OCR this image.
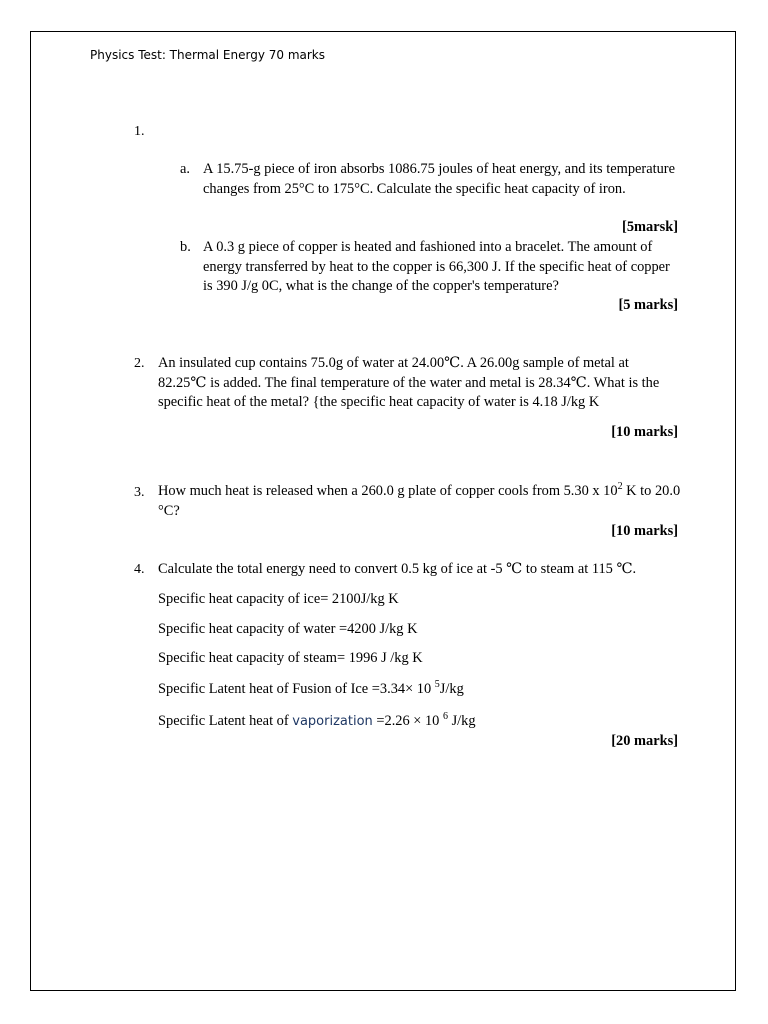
Physics Test: Thermal Energy 70 marks
1.
a. A 15.75-g piece of iron absorbs 1086.75 joules of heat energy, and its temperature changes from 25°C to 175°C. Calculate the specific heat capacity of iron.
[5marsk]
b. A 0.3 g piece of copper is heated and fashioned into a bracelet. The amount of energy transferred by heat to the copper is 66,300 J. If the specific heat of copper is 390 J/g 0C, what is the change of the copper's temperature?
[5 marks]
2. An insulated cup contains 75.0g of water at 24.00℃. A 26.00g sample of metal at 82.25℃ is added. The final temperature of the water and metal is 28.34℃. What is the specific heat of the metal? {the specific heat capacity of water is 4.18 J/kg K
[10 marks]
3. How much heat is released when a 260.0 g plate of copper cools from 5.30 x $10^2$ K to 20.0 °C?
[10 marks]
4. Calculate the total energy need to convert 0.5 kg of ice at -5 ℃ to steam at 115 ℃.
Specific heat capacity of ice= 2100J/kg K
Specific heat capacity of water =4200 J/kg K
Specific heat capacity of steam= 1996 J /kg K
Specific Latent heat of Fusion of Ice =3.34× 10 $^5$J/kg
Specific Latent heat of vaporization =2.26 × 10 $^6$ J/kg
[20 marks]
